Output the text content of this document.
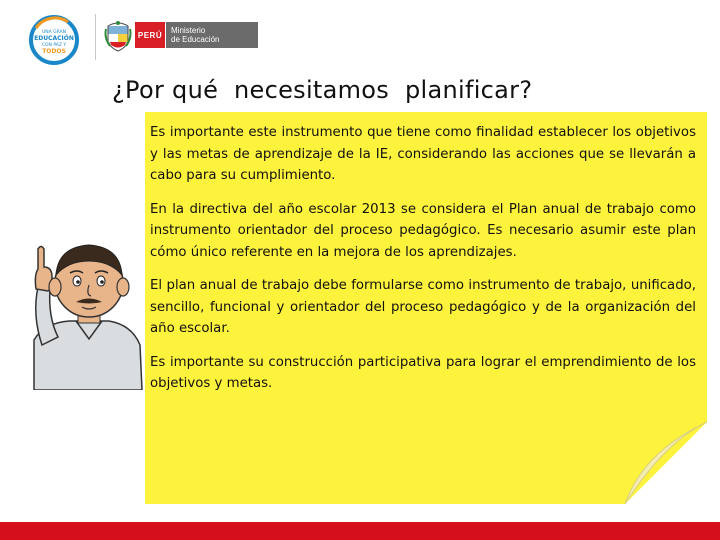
UNA GRAN
EDUCACIÓN
CON PAZ Y
TODOS
PERÚ	Ministerio
de Educación
¿Por qué  necesitamos  planificar?

Es importante este instrumento que tiene como finalidad establecer los objetivos y las metas de aprendizaje de la IE, considerando las acciones que se llevarán a cabo para su cumplimiento.

En la directiva del año escolar 2013 se considera el Plan anual de trabajo como instrumento orientador del proceso pedagógico. Es necesario asumir este plan cómo único referente en la mejora de los aprendizajes.

El plan anual de trabajo debe formularse como instrumento de trabajo, unificado, sencillo, funcional y orientador del proceso pedagógico y de la organización del año escolar.

Es importante su construcción participativa para lograr el emprendimiento de los objetivos y metas.
